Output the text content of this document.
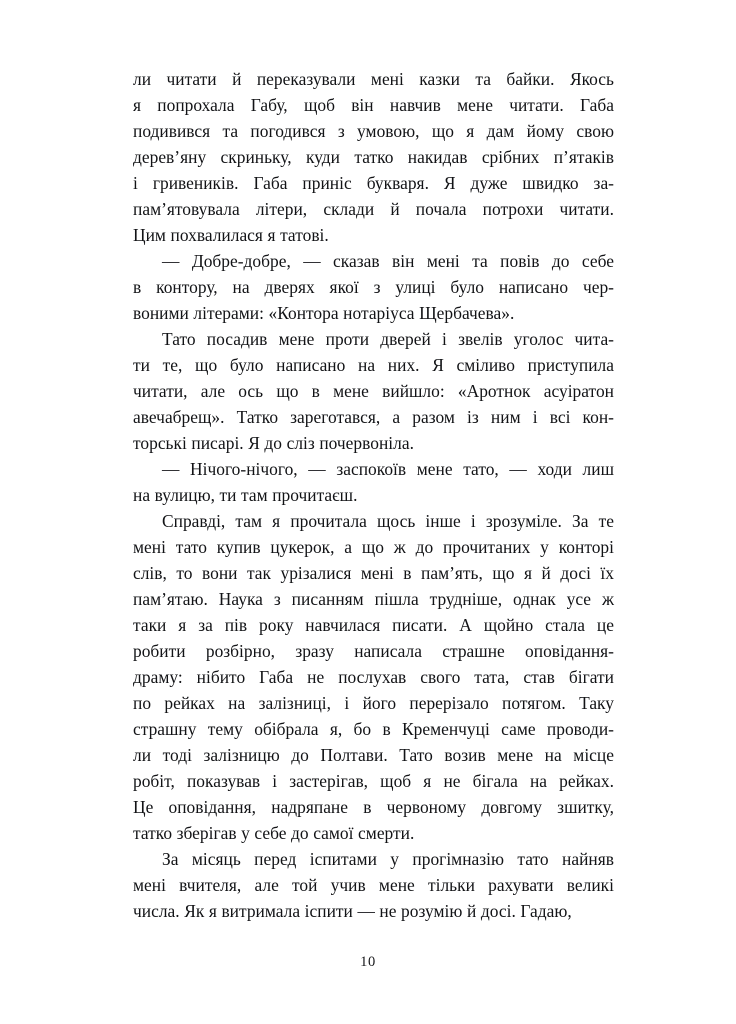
ли читати й переказували мені казки та байки. Якось
я попрохала Габу, щоб він навчив мене читати. Габа
подивився та погодився з умовою, що я дам йому свою
дерев’яну скриньку, куди татко накидав срібних п’ятаків
і гривеників. Габа приніс букваря. Я дуже швидко за-
пам’ятовувала літери, склади й почала потрохи читати.
Цим похвалилася я татові.

— Добре-добре, — сказав він мені та повів до себе
в контору, на дверях якої з улиці було написано чер-
воними літерами: «Контора нотаріуса Щербачева».

Тато посадив мене проти дверей і звелів уголос чита-
ти те, що було написано на них. Я сміливо приступила
читати, але ось що в мене вийшло: «Аротнок асуіратон
авечабрещ». Татко зареготався, а разом із ним і всі кон-
торські писарі. Я до сліз почервоніла.

— Нічого-нічого, — заспокоїв мене тато, — ходи лиш
на вулицю, ти там прочитаєш.

Справді, там я прочитала щось інше і зрозуміле. За те
мені тато купив цукерок, а що ж до прочитаних у конторі
слів, то вони так урізалися мені в пам’ять, що я й досі їх
пам’ятаю. Наука з писанням пішла трудніше, однак усе ж
таки я за пів року навчилася писати. А щойно стала це
робити розбірно, зразу написала страшне оповідання-
драму: нібито Габа не послухав свого тата, став бігати
по рейках на залізниці, і його перерізало потягом. Таку
страшну тему обібрала я, бо в Кременчуці саме проводи-
ли тоді залізницю до Полтави. Тато возив мене на місце
робіт, показував і застерігав, щоб я не бігала на рейках.
Це оповідання, надряпане в червоному довгому зшитку,
татко зберігав у себе до самої смерти.

За місяць перед іспитами у прогімназію тато найняв
мені вчителя, але той учив мене тільки рахувати великі
числа. Як я витримала іспити — не розумію й досі. Гадаю,

10
